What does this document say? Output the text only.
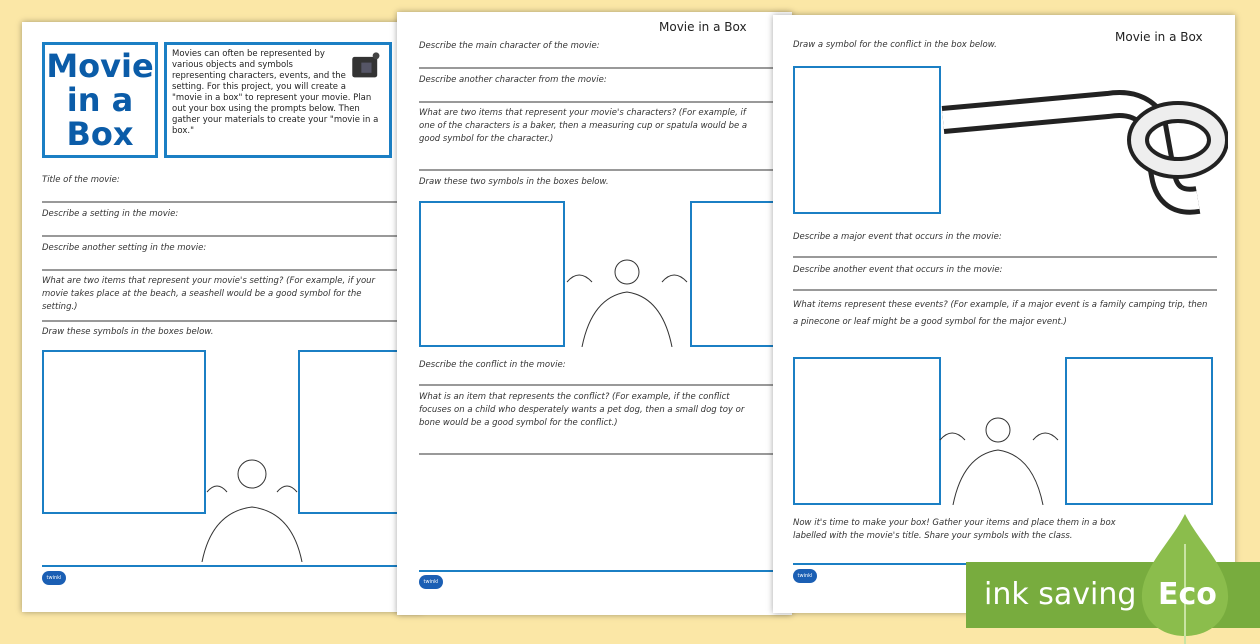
Movie in a Box
Movies can often be represented by various objects and symbols representing characters, events, and the setting. For this project, you will create a "movie in a box" to represent your movie. Plan out your box using the prompts below. Then gather your materials to create your "movie in a box."
Title of the movie:
Describe a setting in the movie:
Describe another setting in the movie:
What are two items that represent your movie's setting? (For example, if your movie takes place at the beach, a seashell would be a good symbol for the setting.)
Draw these symbols in the boxes below.
twinkl
Movie in a Box
Describe the main character of the movie:
Describe another character from the movie:
What are two items that represent your movie's characters? (For example, if one of the characters is a baker, then a measuring cup or spatula would be a good symbol for the character.)
Draw these two symbols in the boxes below.
Describe the conflict in the movie:
What is an item that represents the conflict? (For example, if the conflict focuses on a child who desperately wants a pet dog, then a small dog toy or bone would be a good symbol for the conflict.)
twinkl
Movie in a Box
Draw a symbol for the conflict in the box below.
Describe a major event that occurs in the movie:
Describe another event that occurs in the movie:
What items represent these events? (For example, if a major event is a family camping trip, then a pinecone or leaf might be a good symbol for the major event.)
Now it's time to make your box! Gather your items and place them in a box labelled with the movie's title. Share your symbols with the class.
twinkl
ink saving Eco
